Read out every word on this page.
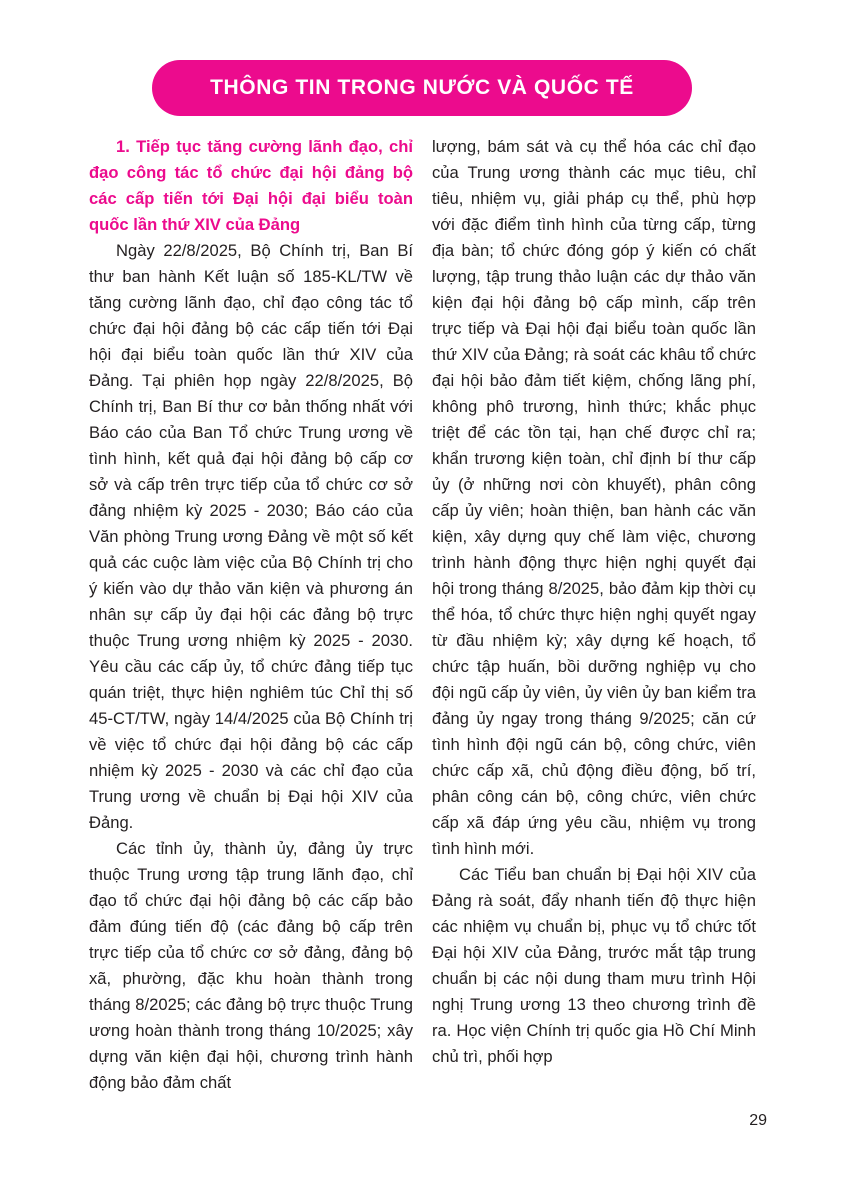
THÔNG TIN TRONG NƯỚC VÀ QUỐC TẾ

1. Tiếp tục tăng cường lãnh đạo, chỉ đạo công tác tổ chức đại hội đảng bộ các cấp tiến tới Đại hội đại biểu toàn quốc lần thứ XIV của Đảng

Ngày 22/8/2025, Bộ Chính trị, Ban Bí thư ban hành Kết luận số 185-KL/TW về tăng cường lãnh đạo, chỉ đạo công tác tổ chức đại hội đảng bộ các cấp tiến tới Đại hội đại biểu toàn quốc lần thứ XIV của Đảng. Tại phiên họp ngày 22/8/2025, Bộ Chính trị, Ban Bí thư cơ bản thống nhất với Báo cáo của Ban Tổ chức Trung ương về tình hình, kết quả đại hội đảng bộ cấp cơ sở và cấp trên trực tiếp của tổ chức cơ sở đảng nhiệm kỳ 2025 - 2030; Báo cáo của Văn phòng Trung ương Đảng về một số kết quả các cuộc làm việc của Bộ Chính trị cho ý kiến vào dự thảo văn kiện và phương án nhân sự cấp ủy đại hội các đảng bộ trực thuộc Trung ương nhiệm kỳ 2025 - 2030. Yêu cầu các cấp ủy, tổ chức đảng tiếp tục quán triệt, thực hiện nghiêm túc Chỉ thị số 45-CT/TW, ngày 14/4/2025 của Bộ Chính trị về việc tổ chức đại hội đảng bộ các cấp nhiệm kỳ 2025 - 2030 và các chỉ đạo của Trung ương về chuẩn bị Đại hội XIV của Đảng.

Các tỉnh ủy, thành ủy, đảng ủy trực thuộc Trung ương tập trung lãnh đạo, chỉ đạo tổ chức đại hội đảng bộ các cấp bảo đảm đúng tiến độ (các đảng bộ cấp trên trực tiếp của tổ chức cơ sở đảng, đảng bộ xã, phường, đặc khu hoàn thành trong tháng 8/2025; các đảng bộ trực thuộc Trung ương hoàn thành trong tháng 10/2025; xây dựng văn kiện đại hội, chương trình hành động bảo đảm chất

lượng, bám sát và cụ thể hóa các chỉ đạo của Trung ương thành các mục tiêu, chỉ tiêu, nhiệm vụ, giải pháp cụ thể, phù hợp với đặc điểm tình hình của từng cấp, từng địa bàn; tổ chức đóng góp ý kiến có chất lượng, tập trung thảo luận các dự thảo văn kiện đại hội đảng bộ cấp mình, cấp trên trực tiếp và Đại hội đại biểu toàn quốc lần thứ XIV của Đảng; rà soát các khâu tổ chức đại hội bảo đảm tiết kiệm, chống lãng phí, không phô trương, hình thức; khắc phục triệt để các tồn tại, hạn chế được chỉ ra; khẩn trương kiện toàn, chỉ định bí thư cấp ủy (ở những nơi còn khuyết), phân công cấp ủy viên; hoàn thiện, ban hành các văn kiện, xây dựng quy chế làm việc, chương trình hành động thực hiện nghị quyết đại hội trong tháng 8/2025, bảo đảm kịp thời cụ thể hóa, tổ chức thực hiện nghị quyết ngay từ đầu nhiệm kỳ; xây dựng kế hoạch, tổ chức tập huấn, bồi dưỡng nghiệp vụ cho đội ngũ cấp ủy viên, ủy viên ủy ban kiểm tra đảng ủy ngay trong tháng 9/2025; căn cứ tình hình đội ngũ cán bộ, công chức, viên chức cấp xã, chủ động điều động, bố trí, phân công cán bộ, công chức, viên chức cấp xã đáp ứng yêu cầu, nhiệm vụ trong tình hình mới.

Các Tiểu ban chuẩn bị Đại hội XIV của Đảng rà soát, đẩy nhanh tiến độ thực hiện các nhiệm vụ chuẩn bị, phục vụ tổ chức tốt Đại hội XIV của Đảng, trước mắt tập trung chuẩn bị các nội dung tham mưu trình Hội nghị Trung ương 13 theo chương trình đề ra. Học viện Chính trị quốc gia Hồ Chí Minh chủ trì, phối hợp

29
